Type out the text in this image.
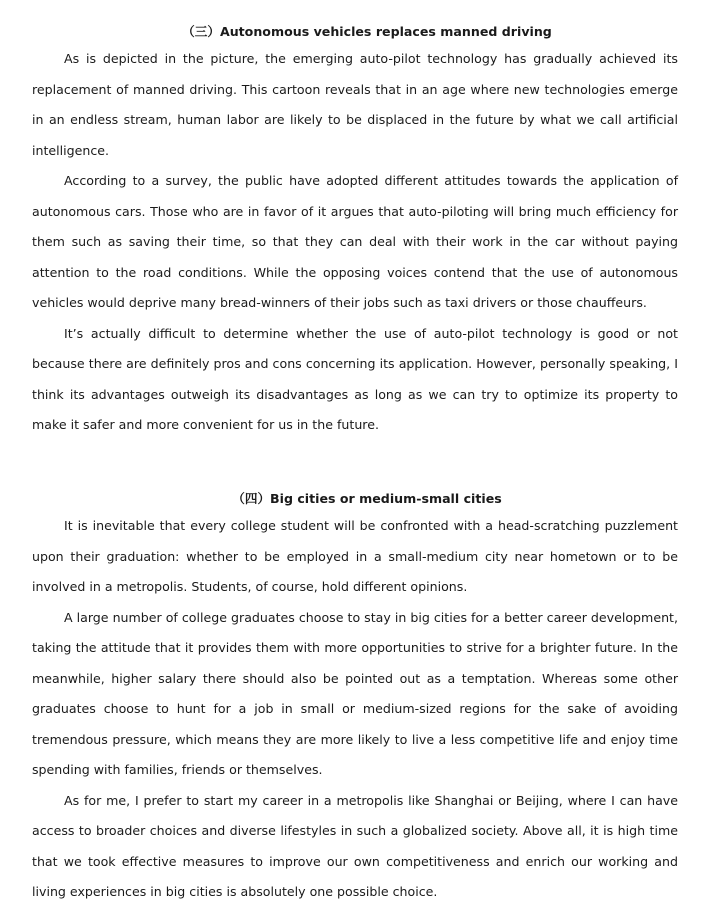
（三）Autonomous vehicles replaces manned driving

As is depicted in the picture, the emerging auto-pilot technology has gradually achieved its replacement of manned driving. This cartoon reveals that in an age where new technologies emerge in an endless stream, human labor are likely to be displaced in the future by what we call artificial intelligence.

According to a survey, the public have adopted different attitudes towards the application of autonomous cars. Those who are in favor of it argues that auto-piloting will bring much efficiency for them such as saving their time, so that they can deal with their work in the car without paying attention to the road conditions. While the opposing voices contend that the use of autonomous vehicles would deprive many bread-winners of their jobs such as taxi drivers or those chauffeurs.

It’s actually difficult to determine whether the use of auto-pilot technology is good or not because there are definitely pros and cons concerning its application. However, personally speaking, I think its advantages outweigh its disadvantages as long as we can try to optimize its property to make it safer and more convenient for us in the future.

（四）Big cities or medium-small cities

It is inevitable that every college student will be confronted with a head-scratching puzzlement upon their graduation: whether to be employed in a small-medium city near hometown or to be involved in a metropolis. Students, of course, hold different opinions.

A large number of college graduates choose to stay in big cities for a better career development, taking the attitude that it provides them with more opportunities to strive for a brighter future. In the meanwhile, higher salary there should also be pointed out as a temptation. Whereas some other graduates choose to hunt for a job in small or medium-sized regions for the sake of avoiding tremendous pressure, which means they are more likely to live a less competitive life and enjoy time spending with families, friends or themselves.

As for me, I prefer to start my career in a metropolis like Shanghai or Beijing, where I can have access to broader choices and diverse lifestyles in such a globalized society. Above all, it is high time that we took effective measures to improve our own competitiveness and enrich our working and living experiences in big cities is absolutely one possible choice.
